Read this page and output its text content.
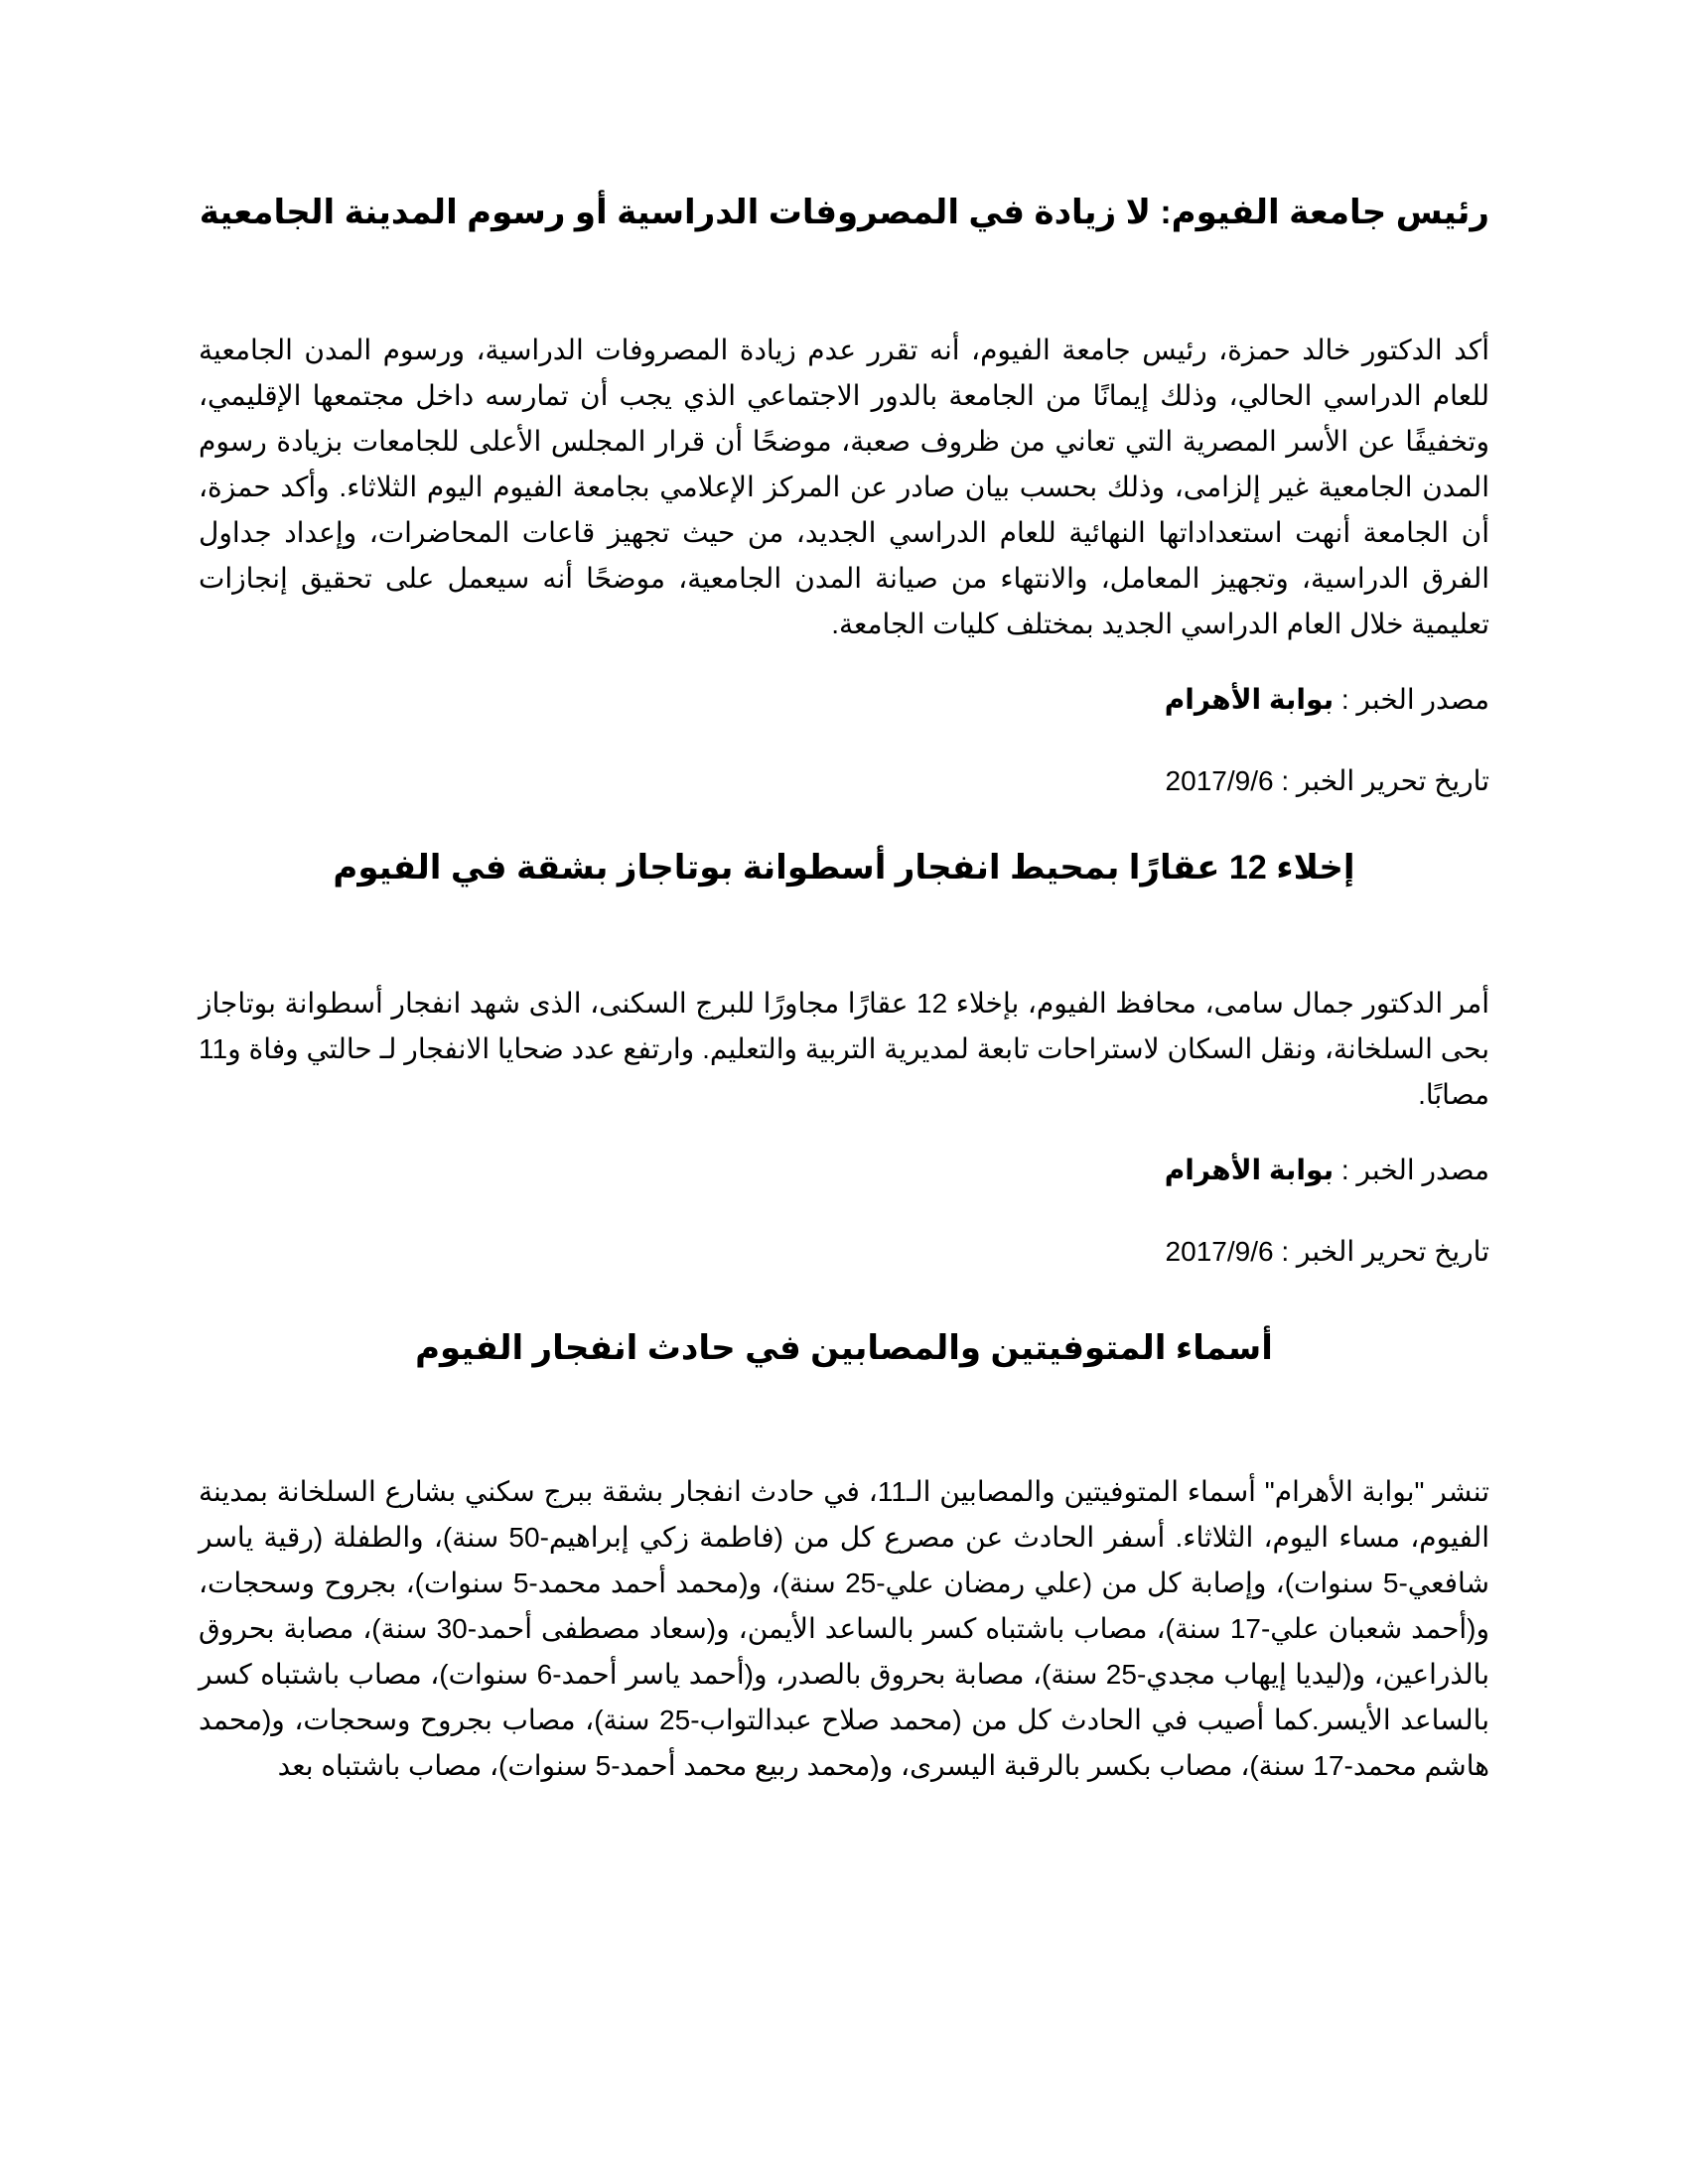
رئيس جامعة الفيوم: لا زيادة في المصروفات الدراسية أو رسوم المدينة الجامعية

أكد الدكتور خالد حمزة، رئيس جامعة الفيوم، أنه تقرر عدم زيادة المصروفات الدراسية، ورسوم المدن الجامعية للعام الدراسي الحالي، وذلك إيمانًا من الجامعة بالدور الاجتماعي الذي يجب أن تمارسه داخل مجتمعها الإقليمي، وتخفيفًا عن الأسر المصرية التي تعاني من ظروف صعبة، موضحًا أن قرار المجلس الأعلى للجامعات بزيادة رسوم المدن الجامعية غير إلزامى، وذلك بحسب بيان صادر عن المركز الإعلامي بجامعة الفيوم اليوم الثلاثاء. وأكد حمزة، أن الجامعة أنهت استعداداتها النهائية للعام الدراسي الجديد، من حيث تجهيز قاعات المحاضرات، وإعداد جداول الفرق الدراسية، وتجهيز المعامل، والانتهاء من صيانة المدن الجامعية، موضحًا أنه سيعمل على تحقيق إنجازات تعليمية خلال العام الدراسي الجديد بمختلف كليات الجامعة.

مصدر الخبر : بوابة الأهرام

تاريخ تحرير الخبر : 2017/9/6

إخلاء 12 عقارًا بمحيط انفجار أسطوانة بوتاجاز بشقة في الفيوم

أمر الدكتور جمال سامى، محافظ الفيوم، بإخلاء 12 عقارًا مجاورًا للبرج السكنى، الذى شهد انفجار أسطوانة بوتاجاز بحى السلخانة، ونقل السكان لاستراحات تابعة لمديرية التربية والتعليم. وارتفع عدد ضحايا الانفجار لـ حالتي وفاة و11 مصابًا.

مصدر الخبر : بوابة الأهرام

تاريخ تحرير الخبر : 2017/9/6

أسماء المتوفيتين والمصابين في حادث انفجار الفيوم

تنشر "بوابة الأهرام" أسماء المتوفيتين والمصابين الـ11، في حادث انفجار بشقة ببرج سكني بشارع السلخانة بمدينة الفيوم، مساء اليوم، الثلاثاء. أسفر الحادث عن مصرع كل من (فاطمة زكي إبراهيم-50 سنة)، والطفلة (رقية ياسر شافعي-5 سنوات)، وإصابة كل من (علي رمضان علي-25 سنة)، و(محمد أحمد محمد-5 سنوات)، بجروح وسحجات، و(أحمد شعبان علي-17 سنة)، مصاب باشتباه كسر بالساعد الأيمن، و(سعاد مصطفى أحمد-30 سنة)، مصابة بحروق بالذراعين، و(ليديا إيهاب مجدي-25 سنة)، مصابة بحروق بالصدر، و(أحمد ياسر أحمد-6 سنوات)، مصاب باشتباه كسر بالساعد الأيسر.كما أصيب في الحادث كل من (محمد صلاح عبدالتواب-25 سنة)، مصاب بجروح وسحجات، و(محمد هاشم محمد-17 سنة)، مصاب بكسر بالرقبة اليسرى، و(محمد ربيع محمد أحمد-5 سنوات)، مصاب باشتباه بعد
